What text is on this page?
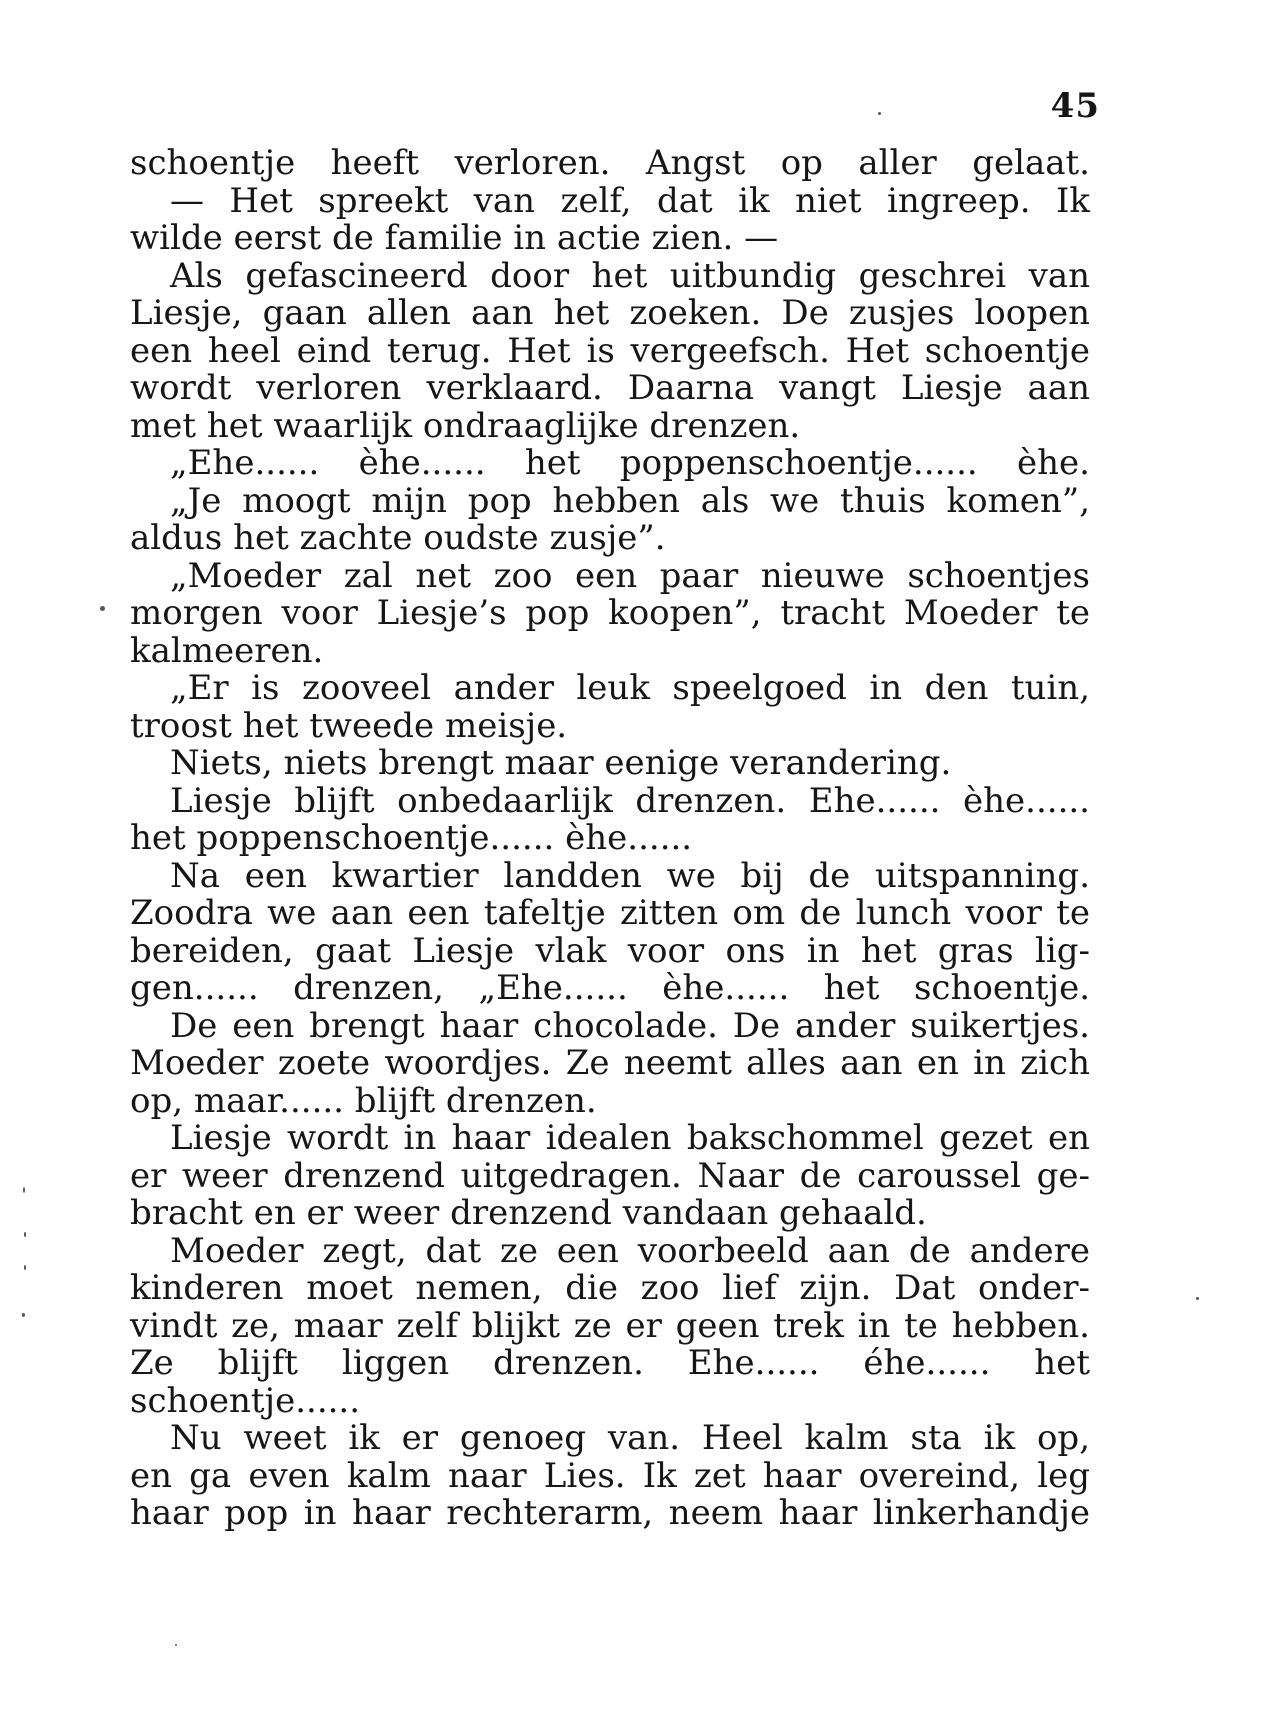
45
schoentje heeft verloren. Angst op aller gelaat.
— Het spreekt van zelf, dat ik niet ingreep. Ik
wilde eerst de familie in actie zien. —
Als gefascineerd door het uitbundig geschrei van
Liesje, gaan allen aan het zoeken. De zusjes loopen
een heel eind terug. Het is vergeefsch. Het schoentje
wordt verloren verklaard. Daarna vangt Liesje aan
met het waarlijk ondraaglijke drenzen.
„Ehe...... èhe...... het poppenschoentje...... èhe.
„Je moogt mijn pop hebben als we thuis komen”,
aldus het zachte oudste zusje”.
„Moeder zal net zoo een paar nieuwe schoentjes
morgen voor Liesje’s pop koopen”, tracht Moeder te
kalmeeren.
„Er is zooveel ander leuk speelgoed in den tuin,
troost het tweede meisje.
Niets, niets brengt maar eenige verandering.
Liesje blijft onbedaarlijk drenzen. Ehe...... èhe......
het poppenschoentje...... èhe......
Na een kwartier landden we bij de uitspanning.
Zoodra we aan een tafeltje zitten om de lunch voor te
bereiden, gaat Liesje vlak voor ons in het gras lig-
gen...... drenzen, „Ehe...... èhe...... het schoentje.
De een brengt haar chocolade. De ander suikertjes.
Moeder zoete woordjes. Ze neemt alles aan en in zich
op, maar...... blijft drenzen.
Liesje wordt in haar idealen bakschommel gezet en
er weer drenzend uitgedragen. Naar de caroussel ge-
bracht en er weer drenzend vandaan gehaald.
Moeder zegt, dat ze een voorbeeld aan de andere
kinderen moet nemen, die zoo lief zijn. Dat onder-
vindt ze, maar zelf blijkt ze er geen trek in te hebben.
Ze blijft liggen drenzen. Ehe...... éhe...... het
schoentje......
Nu weet ik er genoeg van. Heel kalm sta ik op,
en ga even kalm naar Lies. Ik zet haar overeind, leg
haar pop in haar rechterarm, neem haar linkerhandje
